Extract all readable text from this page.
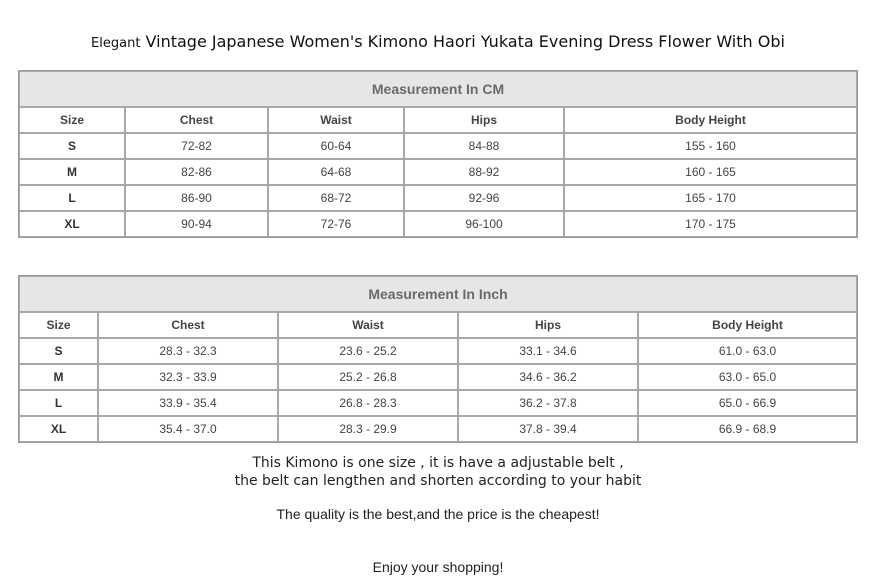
Elegant Vintage Japanese Women's Kimono Haori Yukata Evening Dress Flower With Obi
Measurement In CM				
Size	Chest	Waist	Hips	Body Height
S	72-82	60-64	84-88	155 - 160
M	82-86	64-68	88-92	160 - 165
L	86-90	68-72	92-96	165 - 170
XL	90-94	72-76	96-100	170 - 175
Measurement In Inch				
Size	Chest	Waist	Hips	Body Height
S	28.3 - 32.3	23.6 - 25.2	33.1 - 34.6	61.0 - 63.0
M	32.3 - 33.9	25.2 - 26.8	34.6 - 36.2	63.0 - 65.0
L	33.9 - 35.4	26.8 - 28.3	36.2 - 37.8	65.0 - 66.9
XL	35.4 - 37.0	28.3 - 29.9	37.8 - 39.4	66.9 - 68.9
This Kimono is one size , it is have a adjustable belt ,
the belt can lengthen and shorten according to your habit
The quality is the best,and the price is the cheapest!
Enjoy your shopping!
